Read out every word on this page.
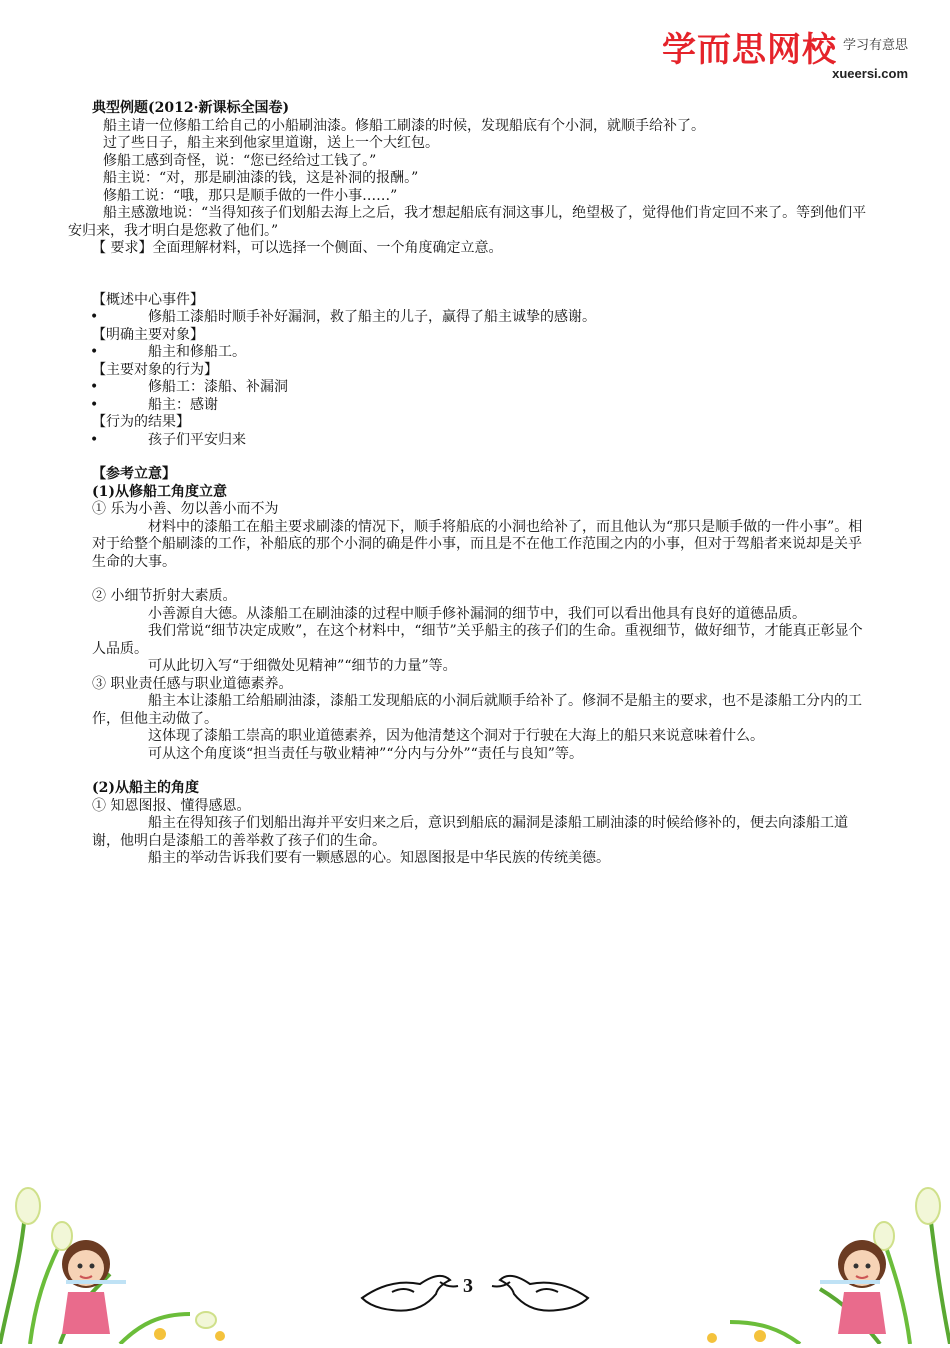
学而思网校 $^{学习有意思}$
xueersi.com

典型例题(2012·新课标全国卷)

船主请一位修船工给自己的小船刷油漆。修船工刷漆的时候，发现船底有个小洞，就顺手给补了。

过了些日子，船主来到他家里道谢，送上一个大红包。

修船工感到奇怪，说：“您已经给过工钱了。”

船主说：“对，那是刷油漆的钱，这是补洞的报酬。”

修船工说：“哦，那只是顺手做的一件小事……”

船主感激地说：“当得知孩子们划船去海上之后，我才想起船底有洞这事儿，绝望极了，觉得他们肯定回不来了。等到他们平安归来，我才明白是您救了他们。”

【 要求】全面理解材料，可以选择一个侧面、一个角度确定立意。

【概述中心事件】

• 修船工漆船时顺手补好漏洞，救了船主的儿子，赢得了船主诚挚的感谢。

【明确主要对象】

• 船主和修船工。

【主要对象的行为】

• 修船工：漆船、补漏洞

• 船主：感谢

【行为的结果】

• 孩子们平安归来

【参考立意】

(1)从修船工角度立意

① 乐为小善、勿以善小而不为

材料中的漆船工在船主要求刷漆的情况下，顺手将船底的小洞也给补了，而且他认为“那只是顺手做的一件小事”。相对于给整个船刷漆的工作，补船底的那个小洞的确是件小事，而且是不在他工作范围之内的小事，但对于驾船者来说却是关乎生命的大事。

② 小细节折射大素质。

小善源自大德。从漆船工在刷油漆的过程中顺手修补漏洞的细节中，我们可以看出他具有良好的道德品质。

我们常说“细节决定成败”，在这个材料中，“细节”关乎船主的孩子们的生命。重视细节，做好细节，才能真正彰显个人品质。

可从此切入写“于细微处见精神”“细节的力量”等。

③ 职业责任感与职业道德素养。

船主本让漆船工给船刷油漆，漆船工发现船底的小洞后就顺手给补了。修洞不是船主的要求，也不是漆船工分内的工作，但他主动做了。

这体现了漆船工崇高的职业道德素养，因为他清楚这个洞对于行驶在大海上的船只来说意味着什么。

可从这个角度谈“担当责任与敬业精神”“分内与分外”“责任与良知”等。

(2)从船主的角度

① 知恩图报、懂得感恩。

船主在得知孩子们划船出海并平安归来之后，意识到船底的漏洞是漆船工刷油漆的时候给修补的，便去向漆船工道谢，他明白是漆船工的善举救了孩子们的生命。

船主的举动告诉我们要有一颗感恩的心。知恩图报是中华民族的传统美德。

3
